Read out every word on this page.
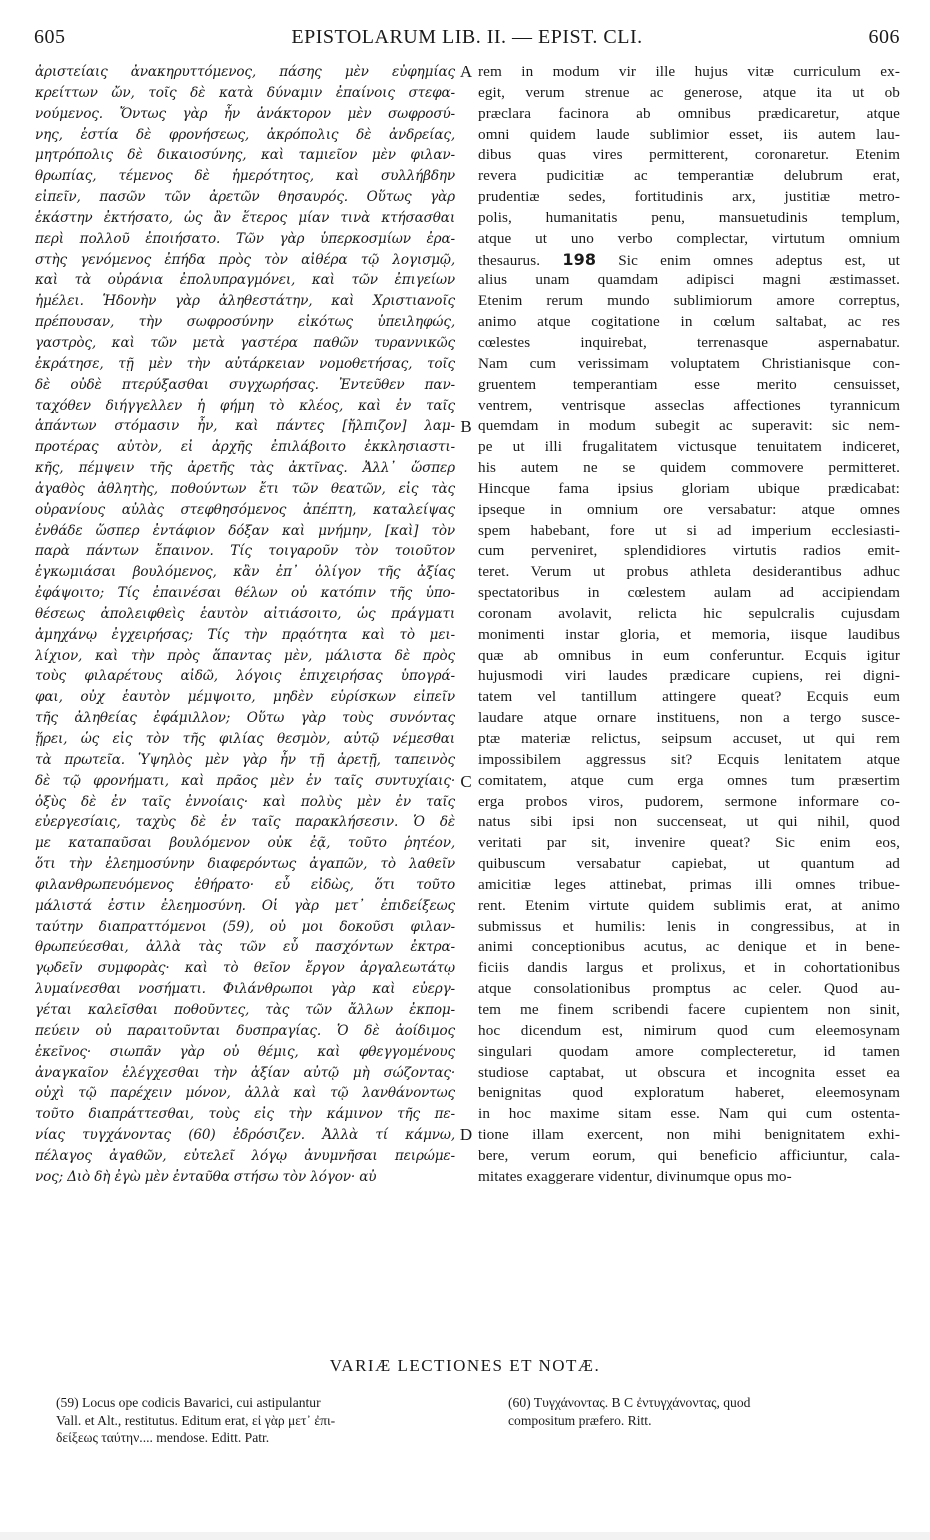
605	EPISTOLARUM LIB. II. — EPIST. CLI.	606
ἀριστείαις ἀνακηρυττόμενος, πάσης μὲν εὐφημίας
κρείττων ὤν, τοῖς δὲ κατὰ δύναμιν ἐπαίνοις στεφα-
νούμενος. Ὄντως γὰρ ἦν ἀνάκτορον μὲν σωφροσύ-
νης, ἑστία δὲ φρονήσεως, ἀκρόπολις δὲ ἀνδρείας,
μητρόπολις δὲ δικαιοσύνης, καὶ ταμιεῖον μὲν φιλαν-
θρωπίας, τέμενος δὲ ἡμερότητος, καὶ συλλήβδην
εἰπεῖν, πασῶν τῶν ἀρετῶν θησαυρός. Οὕτως γὰρ
ἑκάστην ἐκτήσατο, ὡς ἂν ἕτερος μίαν τινὰ κτήσασθαι
περὶ πολλοῦ ἐποιήσατο. Τῶν γὰρ ὑπερκοσμίων ἐρα-
στὴς γενόμενος ἐπήδα πρὸς τὸν αἰθέρα τῷ λογισμῷ,
καὶ τὰ οὐράνια ἐπολυπραγμόνει, καὶ τῶν ἐπιγείων
ἠμέλει. Ἡδονὴν γὰρ ἀληθεστάτην, καὶ Χριστιανοῖς
πρέπουσαν, τὴν σωφροσύνην εἰκότως ὑπειληφώς,
γαστρὸς, καὶ τῶν μετὰ γαστέρα παθῶν τυραννικῶς
ἐκράτησε, τῇ μὲν τὴν αὐτάρκειαν νομοθετήσας, τοῖς
δὲ οὐδὲ πτερύξασθαι συγχωρήσας. Ἐντεῦθεν παν-
ταχόθεν διήγγελλεν ἡ φήμη τὸ κλέος, καὶ ἐν ταῖς
ἁπάντων στόμασιν ἦν, καὶ πάντες [ἤλπιζον] λαμ-
προτέρας αὐτὸν, εἰ ἀρχῆς ἐπιλάβοιτο ἐκκλησιαστι-
κῆς, πέμψειν τῆς ἀρετῆς τὰς ἀκτῖνας. Ἀλλ᾽ ὥσπερ
ἀγαθὸς ἀθλητὴς, ποθούντων ἔτι τῶν θεατῶν, εἰς τὰς
οὐρανίους αὐλὰς στεφθησόμενος ἀπέπτη, καταλείψας
ἐνθάδε ὥσπερ ἐντάφιον δόξαν καὶ μνήμην, [καὶ] τὸν
παρὰ πάντων ἔπαινον. Τίς τοιγαροῦν τὸν τοιοῦτον
ἐγκωμιάσαι βουλόμενος, κἂν ἐπ᾽ ὀλίγον τῆς ἀξίας
ἐφάψοιτο; Τίς ἐπαινέσαι θέλων οὐ κατόπιν τῆς ὑπο-
θέσεως ἀπολειφθεὶς ἑαυτὸν αἰτιάσοιτο, ὡς πράγματι
ἀμηχάνῳ ἐγχειρήσας; Τίς τὴν πρᾳότητα καὶ τὸ μει-
λίχιον, καὶ τὴν πρὸς ἅπαντας μὲν, μάλιστα δὲ πρὸς
τοὺς φιλαρέτους αἰδῶ, λόγοις ἐπιχειρήσας ὑπογρά-
φαι, οὐχ ἑαυτὸν μέμψοιτο, μηδὲν εὑρίσκων εἰπεῖν
τῆς ἀληθείας ἐφάμιλλον; Οὕτω γὰρ τοὺς συνόντας
ᾕρει, ὡς εἰς τὸν τῆς φιλίας θεσμὸν, αὐτῷ νέμεσθαι
τὰ πρωτεῖα. Ὑψηλὸς μὲν γὰρ ἦν τῇ ἀρετῇ, ταπεινὸς
δὲ τῷ φρονήματι, καὶ πρᾶος μὲν ἐν ταῖς συντυχίαις·
ὀξὺς δὲ ἐν ταῖς ἐννοίαις· καὶ πολὺς μὲν ἐν ταῖς
εὐεργεσίαις, ταχὺς δὲ ἐν ταῖς παρακλήσεσιν. Ὁ δὲ
με καταπαῦσαι βουλόμενον οὐκ ἐᾷ, τοῦτο ῥητέον,
ὅτι τὴν ἐλεημοσύνην διαφερόντως ἀγαπῶν, τὸ λαθεῖν
φιλανθρωπευόμενος ἐθήρατο· εὖ εἰδὼς, ὅτι τοῦτο
μάλιστά ἐστιν ἐλεημοσύνη. Οἱ γὰρ μετ᾽ ἐπιδείξεως
ταύτην διαπραττόμενοι (59), οὐ μοι δοκοῦσι φιλαν-
θρωπεύεσθαι, ἀλλὰ τὰς τῶν εὖ πασχόντων ἐκτρα-
γῳδεῖν συμφορὰς· καὶ τὸ θεῖον ἔργον ἀργαλεωτάτῳ
λυμαίνεσθαι νοσήματι. Φιλάνθρωποι γὰρ καὶ εὐεργ-
γέται καλεῖσθαι ποθοῦντες, τὰς τῶν ἄλλων ἐκπομ-
πεύειν οὐ παραιτοῦνται δυσπραγίας. Ὁ δὲ ἀοίδιμος
ἐκεῖνος· σιωπᾶν γὰρ οὐ θέμις, καὶ φθεγγομένους
ἀναγκαῖον ἐλέγχεσθαι τὴν ἀξίαν αὐτῷ μὴ σώζοντας·
οὐχὶ τῷ παρέχειν μόνον, ἀλλὰ καὶ τῷ λανθάνοντως
τοῦτο διαπράττεσθαι, τοὺς εἰς τὴν κάμινον τῆς πε-
νίας τυγχάνοντας (60) ἐδρόσιζεν. Ἀλλὰ τί κάμνω,
πέλαγος ἀγαθῶν, εὐτελεῖ λόγῳ ἀνυμνῆσαι πειρώμε-
νος; Διὸ δὴ ἐγὼ μὲν ἐνταῦθα στήσω τὸν λόγον· αὐ
rem in modum vir ille hujus vitæ curriculum ex-
egit, verum strenue ac generose, atque ita ut ob
præclara facinora ab omnibus prædicaretur, atque
omni quidem laude sublimior esset, iis autem lau-
dibus quas vires permitterent, coronaretur. Etenim
revera pudicitiæ ac temperantiæ delubrum erat,
prudentiæ sedes, fortitudinis arx, justitiæ metro-
polis, humanitatis penu, mansuetudinis templum,
atque ut uno verbo complectar, virtutum omnium
thesaurus. 198 Sic enim omnes adeptus est, ut
alius unam quamdam adipisci magni æstimasset.
Etenim rerum mundo sublimiorum amore correptus,
animo atque cogitatione in cœlum saltabat, ac res
cœlestes inquirebat, terrenasque aspernabatur.
Nam cum verissimam voluptatem Christianisque con-
gruentem temperantiam esse merito censuisset,
ventrem, ventrisque asseclas affectiones tyrannicum
quemdam in modum subegit ac superavit: sic nem-
pe ut illi frugalitatem victusque tenuitatem indiceret,
his autem ne se quidem commovere permitteret.
Hincque fama ipsius gloriam ubique prædicabat:
ipseque in omnium ore versabatur: atque omnes
spem habebant, fore ut si ad imperium ecclesiasti-
cum perveniret, splendidiores virtutis radios emit-
teret. Verum ut probus athleta desiderantibus adhuc
spectatoribus in cœlestem aulam ad accipiendam
coronam avolavit, relicta hic sepulcralis cujusdam
monimenti instar gloria, et memoria, iisque laudibus
quæ ab omnibus in eum conferuntur. Ecquis igitur
hujusmodi viri laudes prædicare cupiens, rei digni-
tatem vel tantillum attingere queat? Ecquis eum
laudare atque ornare instituens, non a tergo susce-
ptæ materiæ relictus, seipsum accuset, ut qui rem
impossibilem aggressus sit? Ecquis lenitatem atque
comitatem, atque cum erga omnes tum præsertim
erga probos viros, pudorem, sermone informare co-
natus sibi ipsi non succenseat, ut qui nihil, quod
veritati par sit, invenire queat? Sic enim eos,
quibuscum versabatur capiebat, ut quantum ad
amicitiæ leges attinebat, primas illi omnes tribue-
rent. Etenim virtute quidem sublimis erat, at animo
submissus et humilis: lenis in congressibus, at in
animi conceptionibus acutus, ac denique et in bene-
ficiis dandis largus et prolixus, et in cohortationibus
atque consolationibus promptus ac celer. Quod au-
tem me finem scribendi facere cupientem non sinit,
hoc dicendum est, nimirum quod cum eleemosynam
singulari quodam amore complecteretur, id tamen
studiose captabat, ut obscura et incognita esset ea
benignitas quod exploratum haberet, eleemosynam
in hoc maxime sitam esse. Nam qui cum ostenta-
tione illam exercent, non mihi benignitatem exhi-
bere, verum eorum, qui beneficio afficiuntur, cala-
mitates exaggerare videntur, divinumque opus mo-
A
B
C
D
VARIÆ LECTIONES ET NOTÆ.
(59) Locus ope codicis Bavarici, cui astipulantur
Vall. et Alt., restitutus. Editum erat, εἰ γὰρ μετ᾽ ἐπι-
δείξεως ταύτην.... mendose. Editt. Patr.
(60) Τυγχάνοντας. B C ἐντυγχάνοντας, quod
compositum præfero. Ritt.
